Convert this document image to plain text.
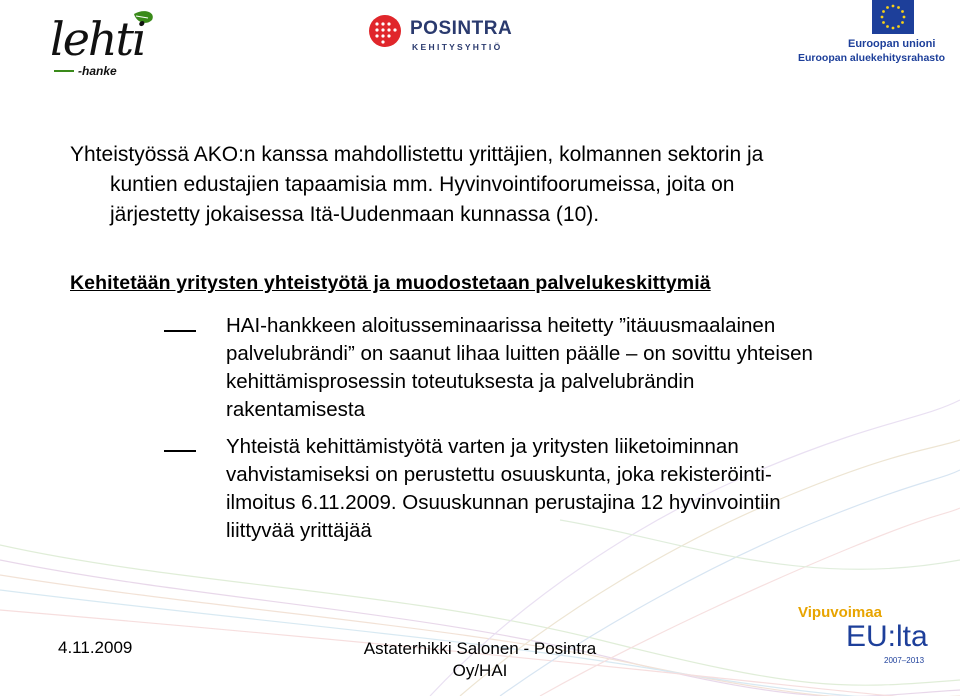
lehti
-hanke
POSINTRA
K E H I T Y S Y H T I Ö	Euroopan unioni
Euroopan aluekehitysrahasto
Yhteistyössä AKO:n kanssa mahdollistettu yrittäjien, kolmannen sektorin ja
kuntien edustajien tapaamisia mm. Hyvinvointifoorumeissa, joita on
järjestetty jokaisessa Itä-Uudenmaan kunnassa (10).
Kehitetään yritysten yhteistyötä ja muodostetaan palvelukeskittymiä
HAI-hankkeen aloitusseminaarissa heitetty ”itäuusmaalainen
palvelubrändi” on saanut lihaa luitten päälle – on sovittu yhteisen
kehittämisprosessin toteutuksesta ja palvelubrändin
rakentamisesta
Yhteistä kehittämistyötä varten ja yritysten liiketoiminnan
vahvistamiseksi on perustettu osuuskunta, joka rekisteröinti-
ilmoitus 6.11.2009. Osuuskunnan perustajina 12 hyvinvointiin
liittyvää yrittäjää
Vipuvoimaa
EU:lta
2007–2013
4.11.2009	Astaterhikki Salonen - Posintra
Oy/HAI
